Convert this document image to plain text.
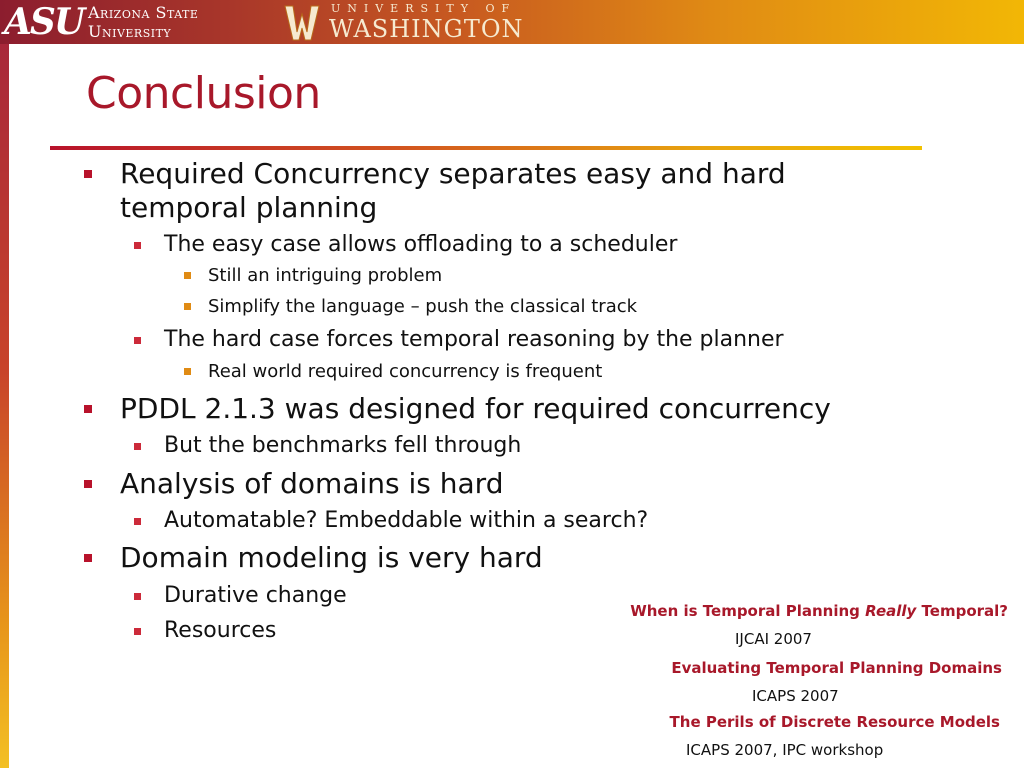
ASU Arizona State
University
UNIVERSITY OF
WASHINGTON
Conclusion
Required Concurrency separates easy and hard
temporal planning
The easy case allows offloading to a scheduler
Still an intriguing problem
Simplify the language – push the classical track
The hard case forces temporal reasoning by the planner
Real world required concurrency is frequent
PDDL 2.1.3 was designed for required concurrency
But the benchmarks fell through
Analysis of domains is hard
Automatable? Embeddable within a search?
Domain modeling is very hard
Durative change
Resources
When is Temporal Planning Really Temporal?
IJCAI 2007
Evaluating Temporal Planning Domains
ICAPS 2007
The Perils of Discrete Resource Models
ICAPS 2007, IPC workshop
